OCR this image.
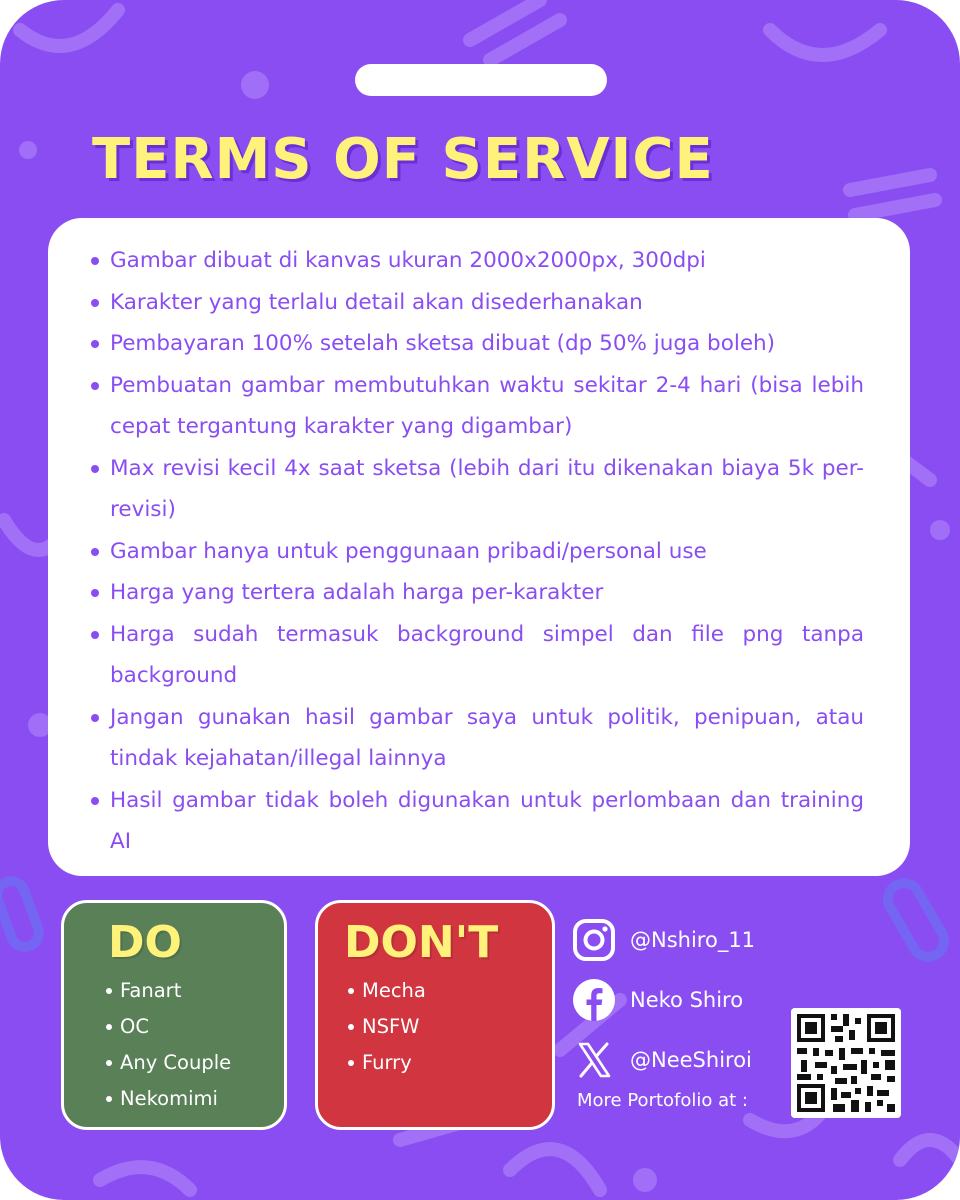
TERMS OF SERVICE
Gambar dibuat di kanvas ukuran 2000x2000px, 300dpi
Karakter yang terlalu detail akan disederhanakan
Pembayaran 100% setelah sketsa dibuat (dp 50% juga boleh)
Pembuatan gambar membutuhkan waktu sekitar 2-4 hari (bisa lebih cepat tergantung karakter yang digambar)
Max revisi kecil 4x saat sketsa (lebih dari itu dikenakan biaya 5k per-revisi)
Gambar hanya untuk penggunaan pribadi/personal use
Harga yang tertera adalah harga per-karakter
Harga sudah termasuk background simpel dan file png tanpa background
Jangan gunakan hasil gambar saya untuk politik, penipuan, atau tindak kejahatan/illegal lainnya
Hasil gambar tidak boleh digunakan untuk perlombaan dan training AI
DO
Fanart
OC
Any Couple
Nekomimi
DON'T
Mecha
NSFW
Furry
@Nshiro_11
Neko Shiro
@NeeShiroi
More Portofolio at :
